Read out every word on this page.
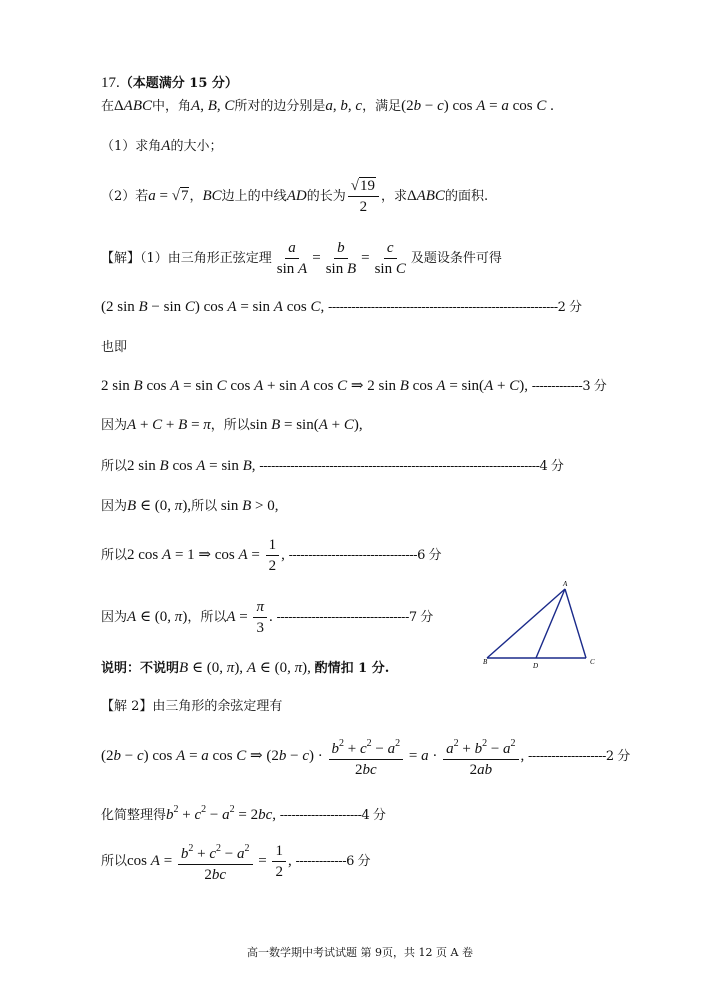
17.（本题满分 15 分）
在ΔABC中，角A, B, C所对的边分别是a, b, c，满足(2b − c) cos A = a cos C .
（1）求角A的大小；
（2）若a = √7，BC边上的中线AD的长为 $\frac{√19}{2}$ ，求ΔABC的面积.
【解】（1）由三角形正弦定理 $\frac{a}{\text{sin A}} = \frac{b}{\text{sin B}} = \frac{c}{\text{sin C}}$ 及题设条件可得
(2 sin B − sin C) cos A = sin A cos C, -----------------------------------------------------------2 分
也即
2 sin B cos A = sin C cos A + sin A cos C ⇒ 2 sin B cos A = sin(A + C), -------------3 分
因为A + C + B = π，所以sin B = sin(A + C),
所以2 sin B cos A = sin B, ------------------------------------------------------------------------4 分
因为B ∈ (0, π),所以 sin B > 0,
所以2 cos A = 1 ⇒ $\cos A = \frac{1}{2}$ , ---------------------------------6 分
因为A ∈ (0, π)，所以$A = \frac{\pi}{3}$ . ----------------------------------7 分
说明：不说明B ∈ (0, π), A ∈ (0, π), 酌情扣 1 分.
A
B	D	C
【解 2】由三角形的余弦定理有
(2b − c) cos A = a cos C ⇒ $(2b - c) \cdot \frac{b^2 + c^2 - a^2}{2bc} = a \cdot \frac{a^2 + b^2 - a^2}{2ab}$ , --------------------2 分
化简整理得$b^2 + c^2 - a^2 = 2bc$, ---------------------4 分
所以$\cos A = \frac{b^2 + c^2 - a^2}{2bc} = \frac{1}{2}$ , -------------6 分
高一数学期中考试试题 第 9页，共 12 页 A 卷
